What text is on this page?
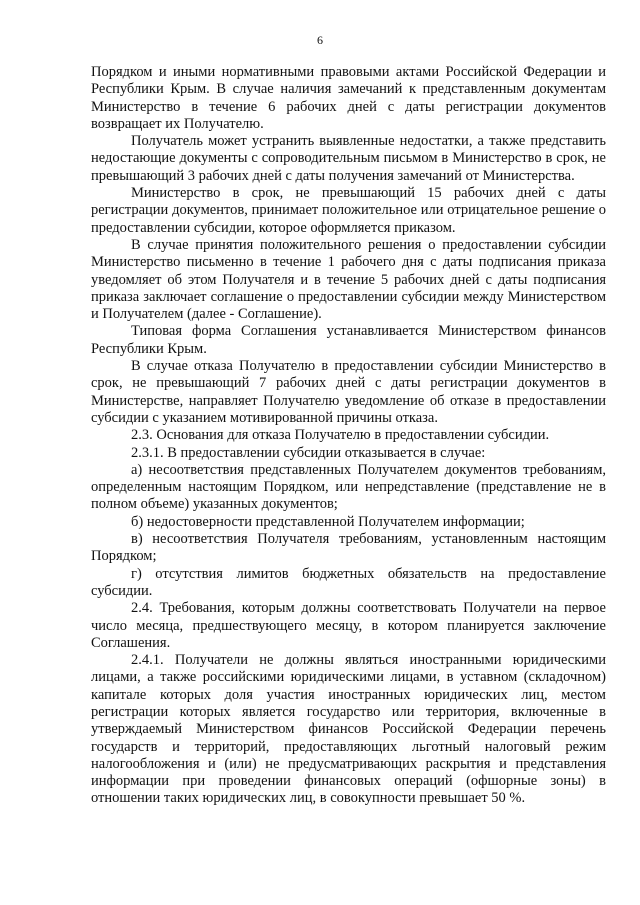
6

Порядком и иными нормативными правовыми актами Российской Федерации и Республики Крым. В случае наличия замечаний к представленным документам Министерство в течение 6 рабочих дней с даты регистрации документов возвращает их Получателю.

Получатель может устранить выявленные недостатки, а также представить недостающие документы с сопроводительным письмом в Министерство в срок, не превышающий 3 рабочих дней с даты получения замечаний от Министерства.

Министерство в срок, не превышающий 15 рабочих дней с даты регистрации документов, принимает положительное или отрицательное решение о предоставлении субсидии, которое оформляется приказом.

В случае принятия положительного решения о предоставлении субсидии Министерство письменно в течение 1 рабочего дня с даты подписания приказа уведомляет об этом Получателя и в течение 5 рабочих дней с даты подписания приказа заключает соглашение о предоставлении субсидии между Министерством и Получателем (далее - Соглашение).

Типовая форма Соглашения устанавливается Министерством финансов Республики Крым.

В случае отказа Получателю в предоставлении субсидии Министерство в срок, не превышающий 7 рабочих дней с даты регистрации документов в Министерстве, направляет Получателю уведомление об отказе в предоставлении субсидии с указанием мотивированной причины отказа.

2.3. Основания для отказа Получателю в предоставлении субсидии.

2.3.1. В предоставлении субсидии отказывается в случае:

а) несоответствия представленных Получателем документов требованиям, определенным настоящим Порядком, или непредставление (представление не в полном объеме) указанных документов;

б) недостоверности представленной Получателем информации;

в) несоответствия Получателя требованиям, установленным настоящим Порядком;

г) отсутствия лимитов бюджетных обязательств на предоставление субсидии.

2.4. Требования, которым должны соответствовать Получатели на первое число месяца, предшествующего месяцу, в котором планируется заключение Соглашения.

2.4.1. Получатели не должны являться иностранными юридическими лицами, а также российскими юридическими лицами, в уставном (складочном) капитале которых доля участия иностранных юридических лиц, местом регистрации которых является государство или территория, включенные в утверждаемый Министерством финансов Российской Федерации перечень государств и территорий, предоставляющих льготный налоговый режим налогообложения и (или) не предусматривающих раскрытия и представления информации при проведении финансовых операций (офшорные зоны) в отношении таких юридических лиц, в совокупности превышает 50 %.
